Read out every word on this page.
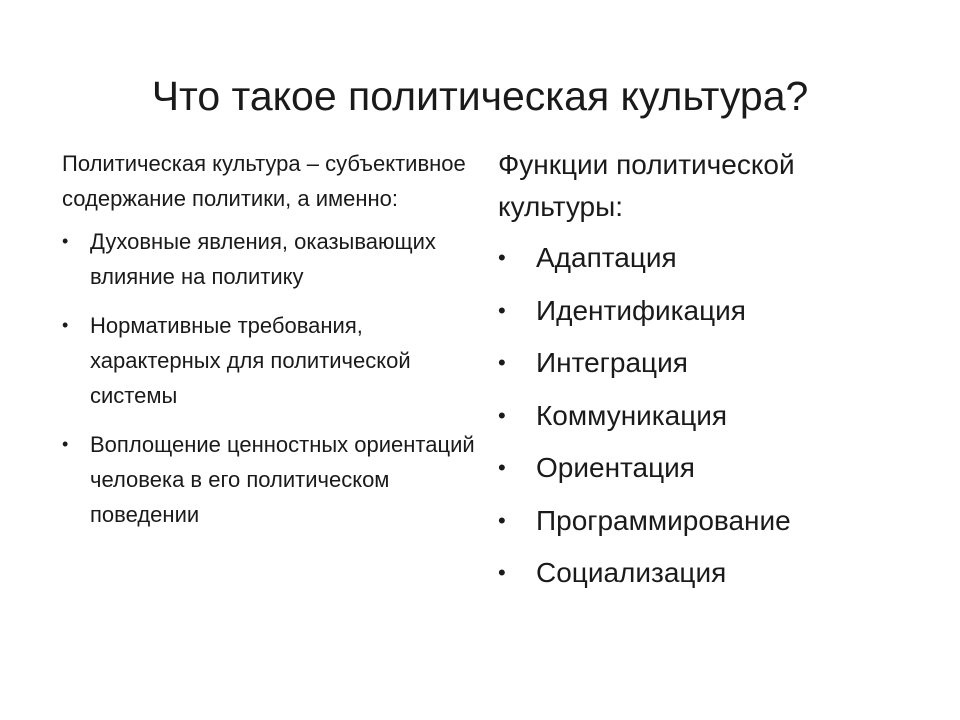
Что такое политическая культура?

Политическая культура – субъективное содержание политики, а именно:

• Духовные явления, оказывающих влияние на политику
• Нормативные требования, характерных для политической системы
• Воплощение ценностных ориентаций человека в его политическом поведении

Функции политической культуры:

• Адаптация
• Идентификация
• Интеграция
• Коммуникация
• Ориентация
• Программирование
• Социализация
